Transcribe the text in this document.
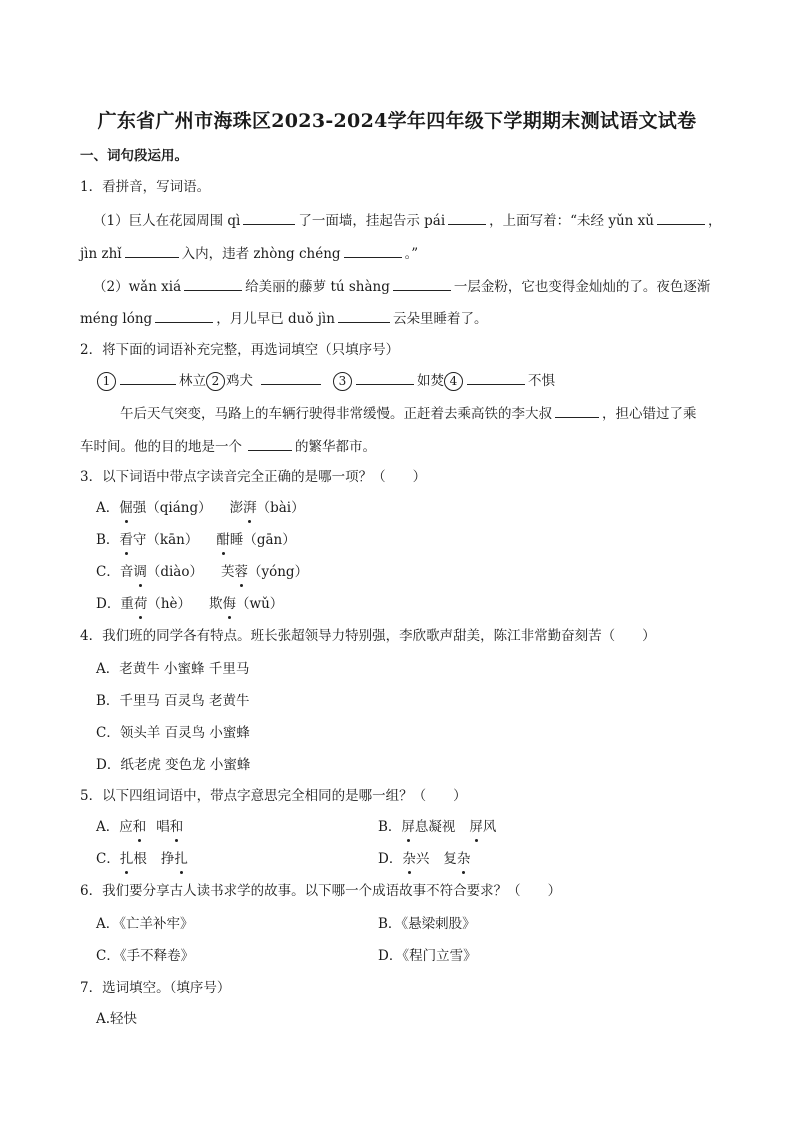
广东省广州市海珠区2023-2024学年四年级下学期期末测试语文试卷
一、词句段运用。
1．看拼音，写词语。
（1）巨人在花园周围 qì	了一面墙，挂起告示 pái	，上面写着：“未经 yǔn xǔ	，
jìn zhǐ	入内，违者 zhòng chéng	。”
（2）wǎn xiá	给美丽的藤萝 tú shàng	一层金粉，它也变得金灿灿的了。夜色逐渐
méng lóng	，月儿早已 duǒ jìn	云朵里睡着了。
2．将下面的词语补充完整，再选词填空（只填序号）
1	林立 2 鸡犬	3	如焚 4	不惧
午后天气突变，马路上的车辆行驶得非常缓慢。正赶着去乘高铁的李大叔	，担心错过了乘
车时间。他的目的地是一个	的繁华都市。
3．以下词语中带点字读音完全正确的是哪一项？（　　）
A．倔强（qiáng） 澎湃（bài）
B．看守（kān） 酣睡（gān）
C．音调（diào） 芙蓉（yóng）
D．重荷（hè） 欺侮（wǔ）
4．我们班的同学各有特点。班长张超领导力特别强，李欣歌声甜美，陈江非常勤奋刻苦（　　）
A．老黄牛 小蜜蜂 千里马
B．千里马 百灵鸟 老黄牛
C．领头羊 百灵鸟 小蜜蜂
D．纸老虎 变色龙 小蜜蜂
5．以下四组词语中，带点字意思完全相同的是哪一组？（　　）
A．应和 唱和	B．屏息凝视 屏风
C．扎根 挣扎	D．杂兴 复杂
6．我们要分享古人读书求学的故事。以下哪一个成语故事不符合要求？（　　）
A．《亡羊补牢》	B．《悬梁刺股》
C．《手不释卷》	D．《程门立雪》
7．选词填空。（填序号）
A.轻快
